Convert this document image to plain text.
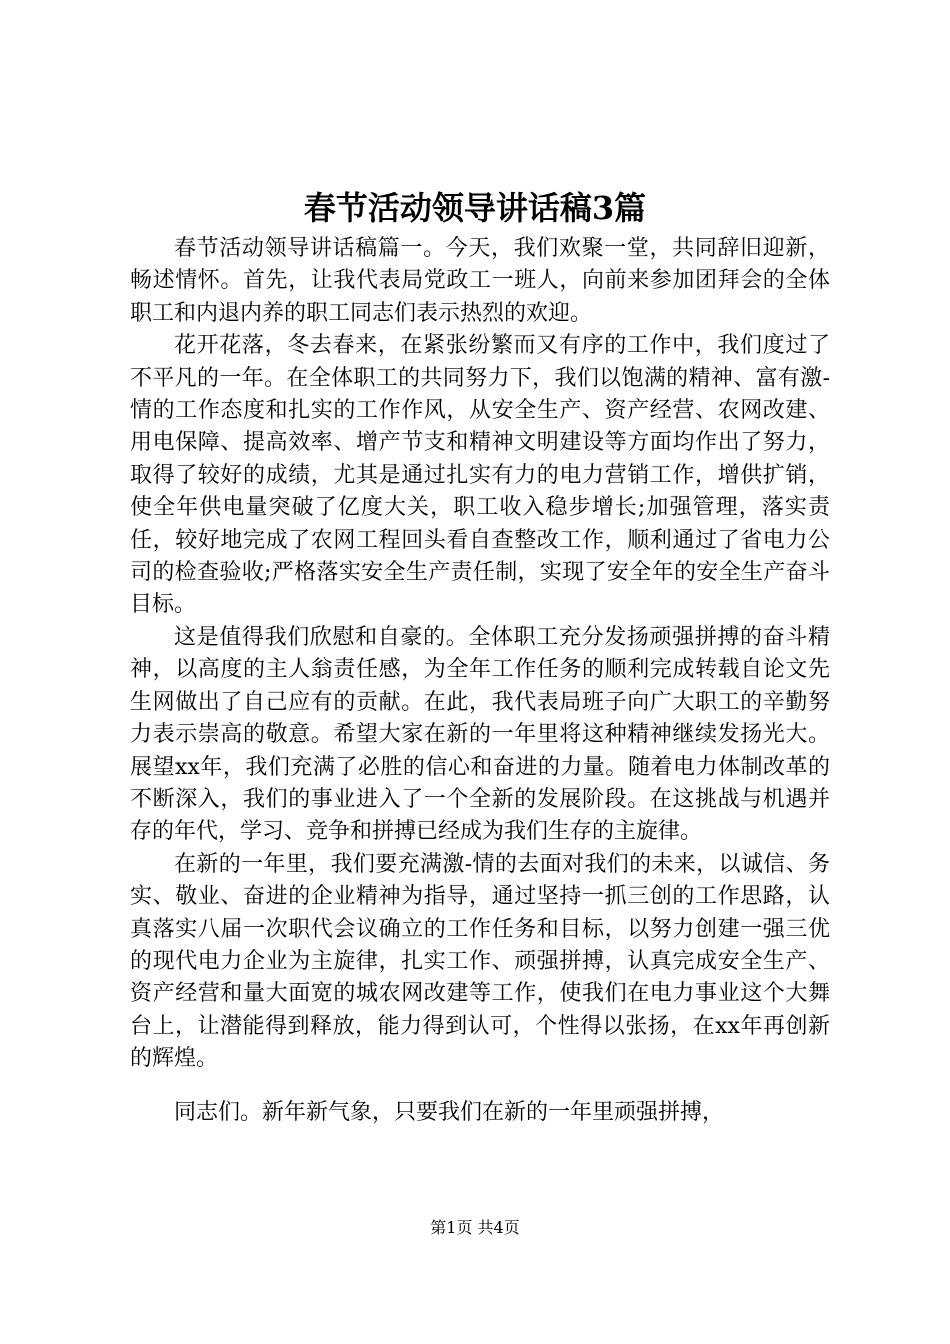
春节活动领导讲话稿3篇

春节活动领导讲话稿篇一。今天，我们欢聚一堂，共同辞旧迎新，畅述情怀。首先，让我代表局党政工一班人，向前来参加团拜会的全体职工和内退内养的职工同志们表示热烈的欢迎。

花开花落，冬去春来，在紧张纷繁而又有序的工作中，我们度过了不平凡的一年。在全体职工的共同努力下，我们以饱满的精神、富有激-情的工作态度和扎实的工作作风，从安全生产、资产经营、农网改建、用电保障、提高效率、增产节支和精神文明建设等方面均作出了努力，取得了较好的成绩，尤其是通过扎实有力的电力营销工作，增供扩销，使全年供电量突破了亿度大关，职工收入稳步增长;加强管理，落实责任，较好地完成了农网工程回头看自查整改工作，顺利通过了省电力公司的检查验收;严格落实安全生产责任制，实现了安全年的安全生产奋斗目标。

这是值得我们欣慰和自豪的。全体职工充分发扬顽强拼搏的奋斗精神，以高度的主人翁责任感，为全年工作任务的顺利完成转载自论文先生网做出了自己应有的贡献。在此，我代表局班子向广大职工的辛勤努力表示崇高的敬意。希望大家在新的一年里将这种精神继续发扬光大。展望xx年，我们充满了必胜的信心和奋进的力量。随着电力体制改革的不断深入，我们的事业进入了一个全新的发展阶段。在这挑战与机遇并存的年代，学习、竞争和拼搏已经成为我们生存的主旋律。

在新的一年里，我们要充满激-情的去面对我们的未来，以诚信、务实、敬业、奋进的企业精神为指导，通过坚持一抓三创的工作思路，认真落实八届一次职代会议确立的工作任务和目标，以努力创建一强三优的现代电力企业为主旋律，扎实工作、顽强拼搏，认真完成安全生产、资产经营和量大面宽的城农网改建等工作，使我们在电力事业这个大舞台上，让潜能得到释放，能力得到认可，个性得以张扬，在xx年再创新的辉煌。

同志们。新年新气象，只要我们在新的一年里顽强拼搏，

第1页 共4页
